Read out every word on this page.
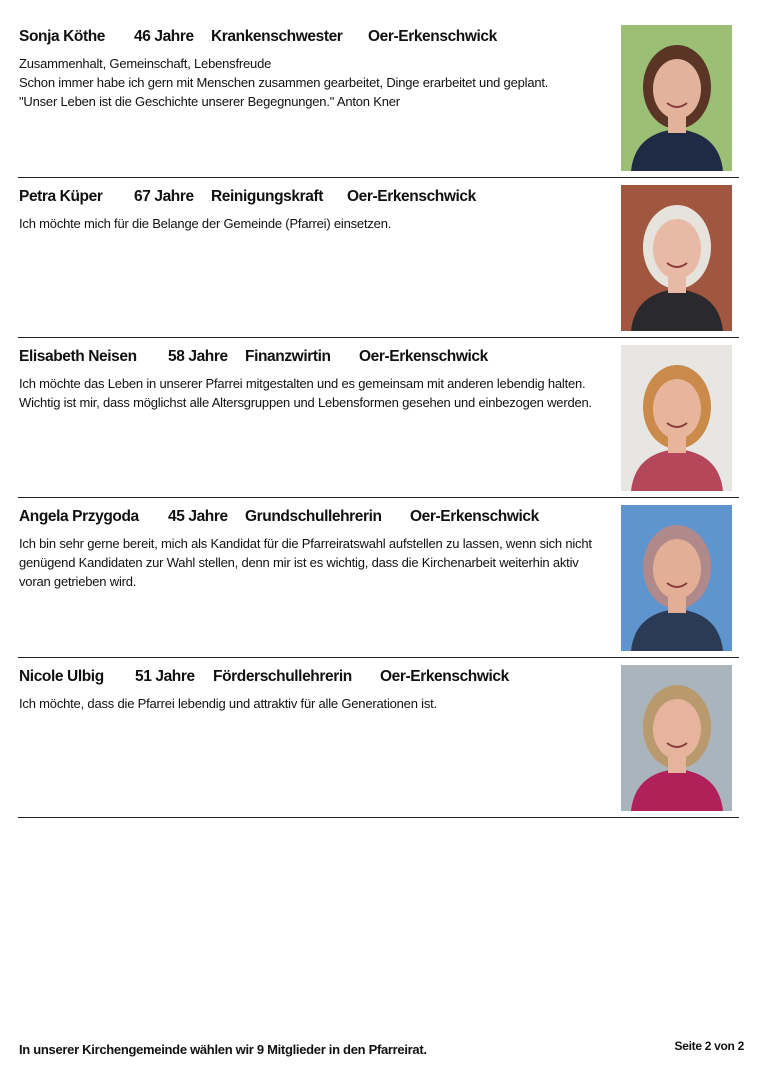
Sonja Köthe 46 Jahre Krankenschwester Oer-Erkenschwick
Zusammenhalt, Gemeinschaft, Lebensfreude
Schon immer habe ich gern mit Menschen zusammen gearbeitet, Dinge erarbeitet und geplant.
"Unser Leben ist die Geschichte unserer Begegnungen." Anton Kner
Petra Küper 67 Jahre Reinigungskraft Oer-Erkenschwick
Ich möchte mich für die Belange der Gemeinde (Pfarrei) einsetzen.
Elisabeth Neisen 58 Jahre Finanzwirtin Oer-Erkenschwick
Ich möchte das Leben in unserer Pfarrei mitgestalten und es gemeinsam mit anderen lebendig halten. Wichtig ist mir, dass möglichst alle Altersgruppen und Lebensformen gesehen und einbezogen werden.
Angela Przygoda 45 Jahre Grundschullehrerin Oer-Erkenschwick
Ich bin sehr gerne bereit, mich als Kandidat für die Pfarreiratswahl aufstellen zu lassen, wenn sich nicht genügend Kandidaten zur Wahl stellen, denn mir ist es wichtig, dass die Kirchenarbeit weiterhin aktiv voran getrieben wird.
Nicole Ulbig 51 Jahre Förderschullehrerin Oer-Erkenschwick
Ich möchte, dass die Pfarrei lebendig und attraktiv für alle Generationen ist.
In unserer Kirchengemeinde wählen wir 9 Mitglieder in den Pfarreirat.	Seite 2 von 2
